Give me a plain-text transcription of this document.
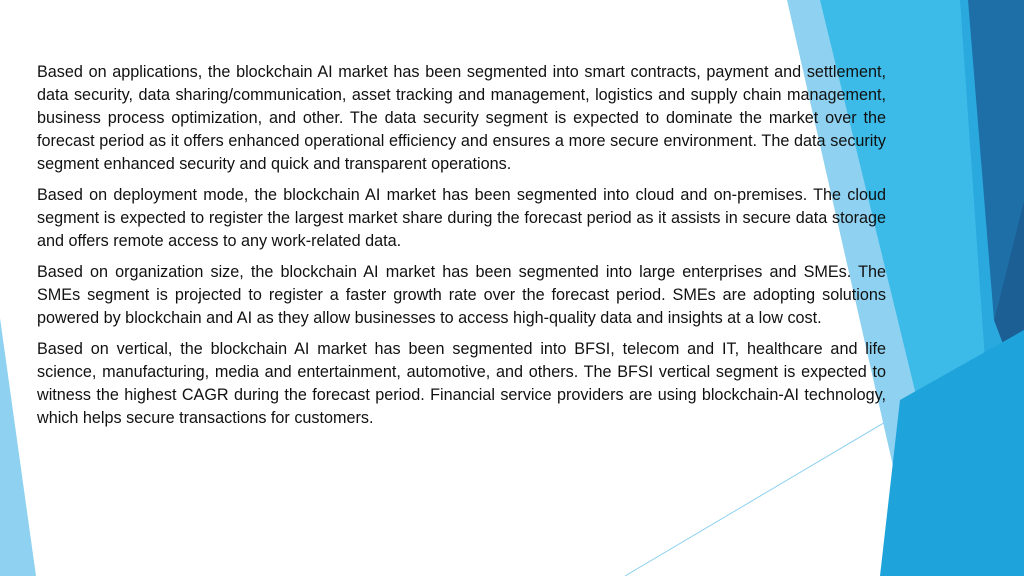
Based on applications, the blockchain AI market has been segmented into smart contracts, payment and settlement, data security, data sharing/communication, asset tracking and management, logistics and supply chain management, business process optimization, and other. The data security segment is expected to dominate the market over the forecast period as it offers enhanced operational efficiency and ensures a more secure environment. The data security segment enhanced security and quick and transparent operations.

Based on deployment mode, the blockchain AI market has been segmented into cloud and on-premises. The cloud segment is expected to register the largest market share during the forecast period as it assists in secure data storage and offers remote access to any work-related data.

Based on organization size, the blockchain AI market has been segmented into large enterprises and SMEs. The SMEs segment is projected to register a faster growth rate over the forecast period. SMEs are adopting solutions powered by blockchain and AI as they allow businesses to access high-quality data and insights at a low cost.

Based on vertical, the blockchain AI market has been segmented into BFSI, telecom and IT, healthcare and life science, manufacturing, media and entertainment, automotive, and others. The BFSI vertical segment is expected to witness the highest CAGR during the forecast period. Financial service providers are using blockchain-AI technology, which helps secure transactions for customers.
